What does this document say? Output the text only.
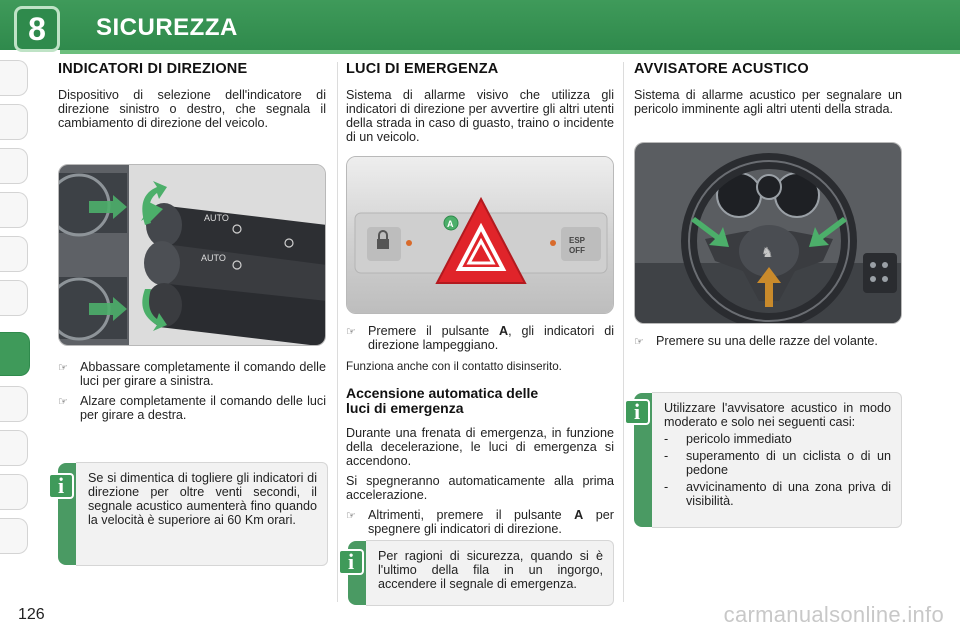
8 SICUREZZA
INDICATORI DI DIREZIONE

Dispositivo di selezione dell'indicatore di direzione sinistro o destro, che segnala il cambiamento di direzione del veicolo.

AUTO
AUTO
☞ Abbassare completamente il comando delle luci per girare a sinistra.
☞ Alzare completamente il comando delle luci per girare a destra.
i	Se si dimentica di togliere gli indicatori di direzione per oltre venti secondi, il segnale acustico aumenterà fino quando la velocità è superiore ai 60 Km orari.
LUCI DI EMERGENZA

Sistema di allarme visivo che utilizza gli indicatori di direzione per avvertire gli altri utenti della strada in caso di guasto, traino o incidente di un veicolo.

A
ESP
OFF
☞ Premere il pulsante A, gli indicatori di direzione lampeggiano.

Funziona anche con il contatto disinserito.

Accensione automatica delle
luci di emergenza

Durante una frenata di emergenza, in funzione della decelerazione, le luci di emergenza si accendono.

Si spegneranno automaticamente alla prima accelerazione.

☞ Altrimenti, premere il pulsante A per spegnere gli indicatori di direzione.
i	Per ragioni di sicurezza, quando si è l'ultimo della fila in un ingorgo, accendere il segnale di emergenza.
AVVISATORE ACUSTICO

Sistema di allarme acustico per segnalare un pericolo imminente agli altri utenti della strada.

♞
☞ Premere su una delle razze del volante.
i	Utilizzare l'avvisatore acustico in modo moderato e solo nei seguenti casi:

-	pericolo immediato
-	superamento di un ciclista o di un pedone
-	avvicinamento di una zona priva di visibilità.
126	carmanualsonline.info
